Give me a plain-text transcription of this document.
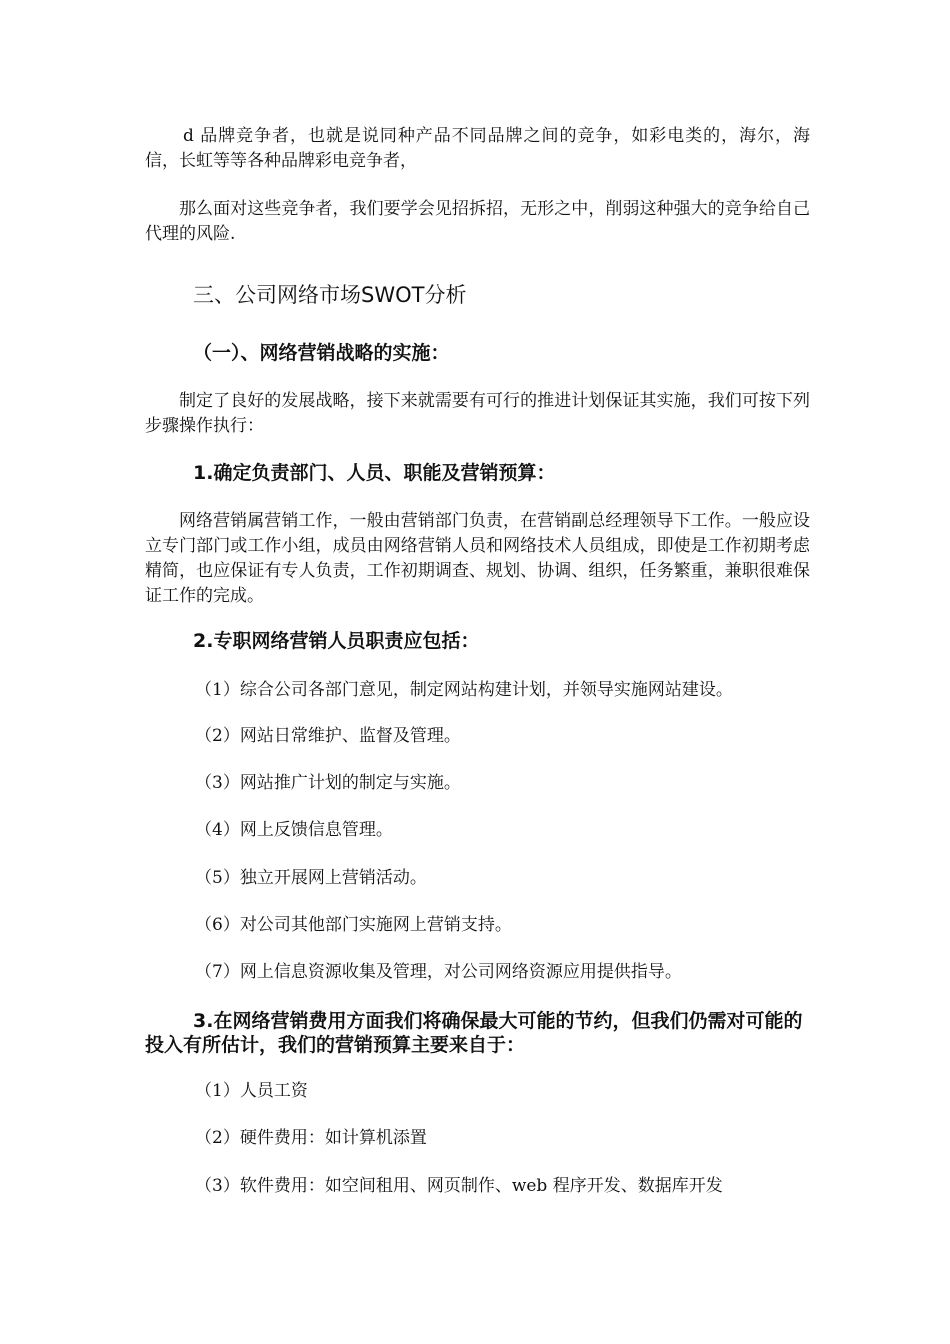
d 品牌竞争者，也就是说同种产品不同品牌之间的竞争，如彩电类的，海尔，海信，长虹等等各种品牌彩电竞争者，
那么面对这些竞争者，我们要学会见招拆招，无形之中，削弱这种强大的竞争给自己代理的风险.
三、公司网络市场SWOT分析
（一）、网络营销战略的实施：
制定了良好的发展战略，接下来就需要有可行的推进计划保证其实施，我们可按下列步骤操作执行：
1.确定负责部门、人员、职能及营销预算：
网络营销属营销工作，一般由营销部门负责，在营销副总经理领导下工作。一般应设立专门部门或工作小组，成员由网络营销人员和网络技术人员组成，即使是工作初期考虑精简，也应保证有专人负责，工作初期调查、规划、协调、组织，任务繁重，兼职很难保证工作的完成。
2.专职网络营销人员职责应包括：
（1）综合公司各部门意见，制定网站构建计划，并领导实施网站建设。
（2）网站日常维护、监督及管理。
（3）网站推广计划的制定与实施。
（4）网上反馈信息管理。
（5）独立开展网上营销活动。
（6）对公司其他部门实施网上营销支持。
（7）网上信息资源收集及管理，对公司网络资源应用提供指导。
3.在网络营销费用方面我们将确保最大可能的节约，但我们仍需对可能的投入有所估计，我们的营销预算主要来自于：
（1）人员工资
（2）硬件费用：如计算机添置
（3）软件费用：如空间租用、网页制作、web 程序开发、数据库开发
